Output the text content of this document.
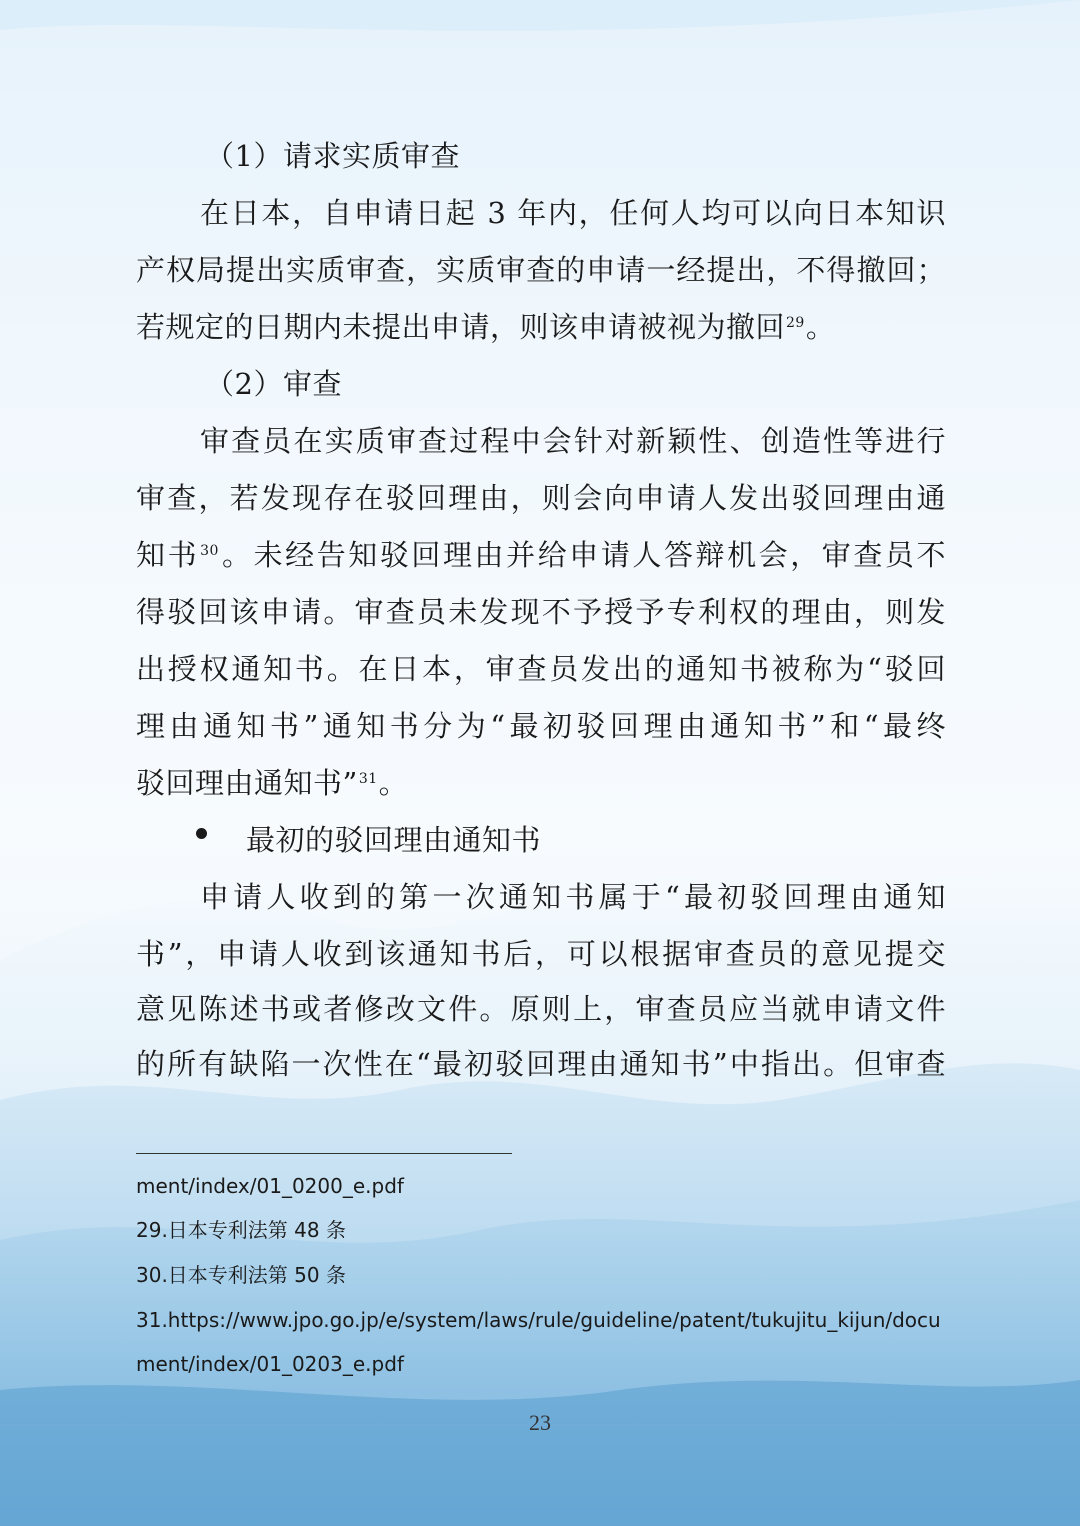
（1）请求实质审查
在日本，自申请日起 3 年内，任何人均可以向日本知识
产权局提出实质审查，实质审查的申请一经提出，不得撤回；
若规定的日期内未提出申请，则该申请被视为撤回$^{29}$。
（2）审查
审查员在实质审查过程中会针对新颖性、创造性等进行
审查，若发现存在驳回理由，则会向申请人发出驳回理由通
知书$^{30}$。未经告知驳回理由并给申请人答辩机会，审查员不
得驳回该申请。审查员未发现不予授予专利权的理由，则发
出授权通知书。在日本，审查员发出的通知书被称为“驳回
理由通知书”通知书分为“最初驳回理由通知书”和“最终
驳回理由通知书”$^{31}$。
最初的驳回理由通知书
申请人收到的第一次通知书属于“最初驳回理由通知
书”，申请人收到该通知书后，可以根据审查员的意见提交
意见陈述书或者修改文件。原则上，审查员应当就申请文件
的所有缺陷一次性在“最初驳回理由通知书”中指出。但审查
ment/index/01_0200_e.pdf
29.日本专利法第 48 条
30.日本专利法第 50 条
31.https://www.jpo.go.jp/e/system/laws/rule/guideline/patent/tukujitu_kijun/docu
ment/index/01_0203_e.pdf
23
